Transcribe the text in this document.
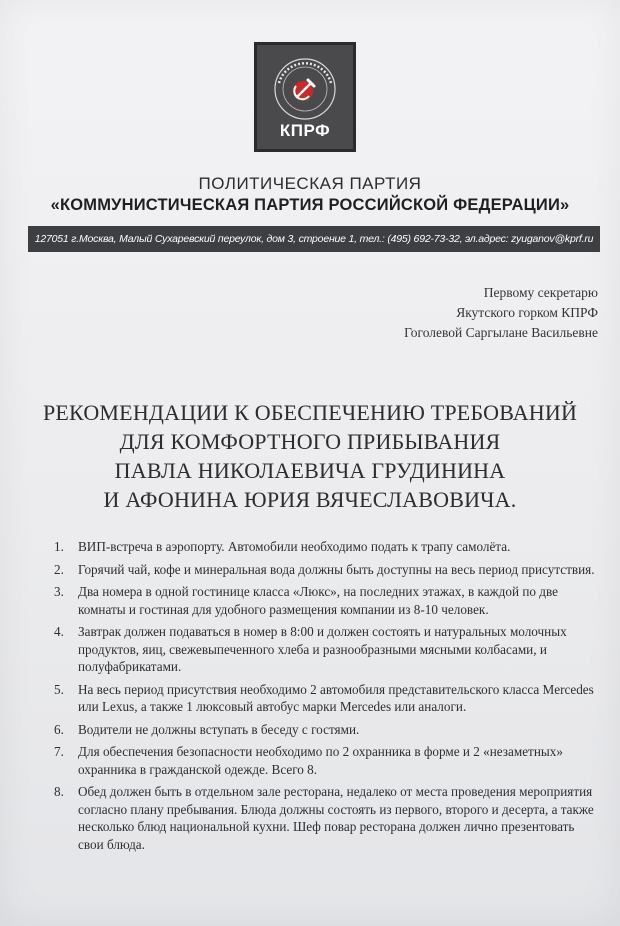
КПРФ
ПОЛИТИЧЕСКАЯ ПАРТИЯ
«КОММУНИСТИЧЕСКАЯ ПАРТИЯ РОССИЙСКОЙ ФЕДЕРАЦИИ»
127051 г.Москва, Малый Сухаревский переулок, дом 3, строение 1, тел.: (495) 692-73-32, эл.адрес: zyuganov@kprf.ru
Первому секретарю
Якутского горком КПРФ
Гоголевой Саргылане Васильевне
РЕКОМЕНДАЦИИ К ОБЕСПЕЧЕНИЮ ТРЕБОВАНИЙ
ДЛЯ КОМФОРТНОГО ПРИБЫВАНИЯ
ПАВЛА НИКОЛАЕВИЧА ГРУДИНИНА
И АФОНИНА ЮРИЯ ВЯЧЕСЛАВОВИЧА.
1. ВИП-встреча в аэропорту. Автомобили необходимо подать к трапу самолёта.
2. Горячий чай, кофе и минеральная вода должны быть доступны на весь период присутствия.
3. Два номера в одной гостинице класса «Люкс», на последних этажах, в каждой по две комнаты и гостиная для удобного размещения компании из 8-10 человек.
4. Завтрак должен подаваться в номер в 8:00 и должен состоять и натуральных молочных продуктов, яиц, свежевыпеченного хлеба и разнообразными мясными колбасами, и полуфабрикатами.
5. На весь период присутствия необходимо 2 автомобиля представительского класса Mercedes или Lexus, а также 1 люксовый автобус марки Mercedes или аналоги.
6. Водители не должны вступать в беседу с гостями.
7. Для обеспечения безопасности необходимо по 2 охранника в форме и 2 «незаметных» охранника в гражданской одежде. Всего 8.
8. Обед должен быть в отдельном зале ресторана, недалеко от места проведения мероприятия согласно плану пребывания. Блюда должны состоять из первого, второго и десерта, а также несколько блюд национальной кухни. Шеф повар ресторана должен лично презентовать свои блюда.
